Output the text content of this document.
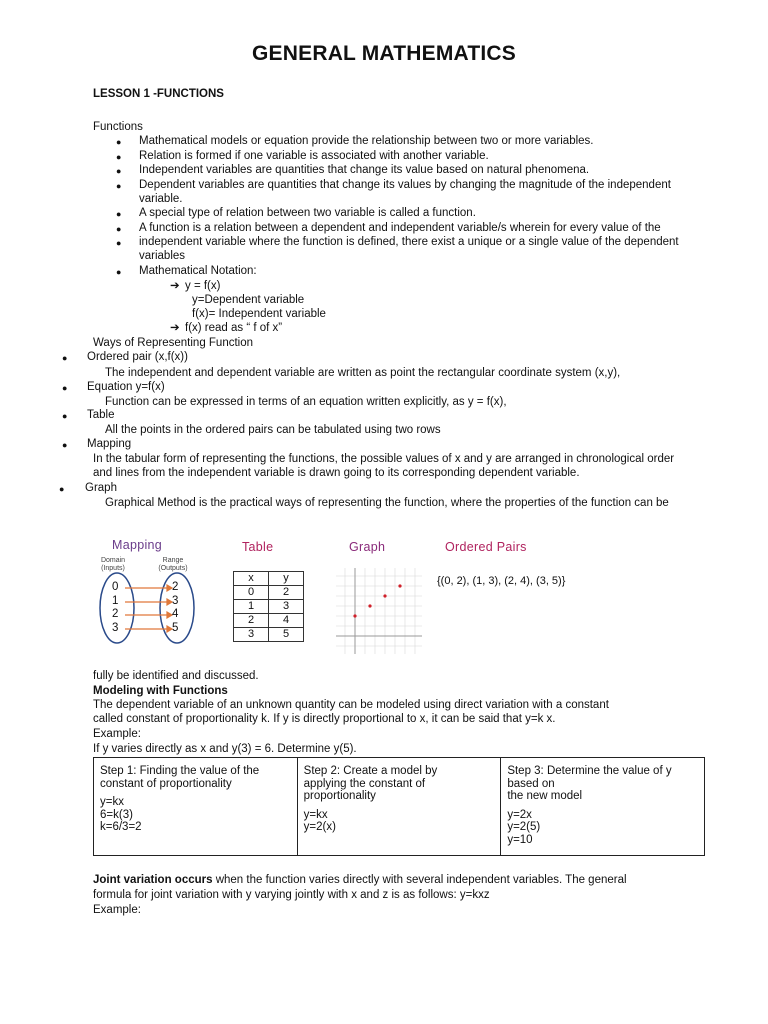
GENERAL MATHEMATICS
LESSON 1 -FUNCTIONS
Functions
● Mathematical models or equation provide the relationship between two or more variables.
● Relation is formed if one variable is associated with another variable.
● Independent variables are quantities that change its value based on natural phenomena.
● Dependent variables are quantities that change its values by changing the magnitude of the independent
variable.
● A special type of relation between two variable is called a function.
● A function is a relation between a dependent and independent variable/s wherein for every value of the
● independent variable where the function is defined, there exist a unique or a single value of the dependent
variables
● Mathematical Notation:
➔ y = f(x)
y=Dependent variable
f(x)= Independent variable
➔ f(x) read as “ f of x”
Ways of Representing Function
● Ordered pair (x,f(x))
The independent and dependent variable are written as point the rectangular coordinate system (x,y),
● Equation y=f(x)
Function can be expressed in terms of an equation written explicitly, as y = f(x),
● Table
All the points in the ordered pairs can be tabulated using two rows
● Mapping
In the tabular form of representing the functions, the possible values of x and y are arranged in chronological order
and lines from the independent variable is drawn going to its corresponding dependent variable.
● Graph
Graphical Method is the practical ways of representing the function, where the properties of the function can be
Mapping
Domain
(Inputs)
Range
(Outputs)
0
1
2
3
2
3
4
5
Table
x	y
0	2
1	3
2	4
3	5
Graph	Ordered Pairs
{(0, 2), (1, 3), (2, 4), (3, 5)}
fully be identified and discussed.
Modeling with Functions
The dependent variable of an unknown quantity can be modeled using direct variation with a constant
called constant of proportionality k. If y is directly proportional to x, it can be said that y=k x.
Example:
If y varies directly as x and y(3) = 6. Determine y(5).
Step 1: Finding the value of the
constant of proportionality
y=kx
6=k(3)
k=6/3=2

Step 2: Create a model by
applying the constant of
proportionality
y=kx
y=2(x)

Step 3: Determine the value of y
based on
the new model
y=2x
y=2(5)
y=10
Joint variation occurs when the function varies directly with several independent variables. The general
formula for joint variation with y varying jointly with x and z is as follows: y=kxz
Example:
